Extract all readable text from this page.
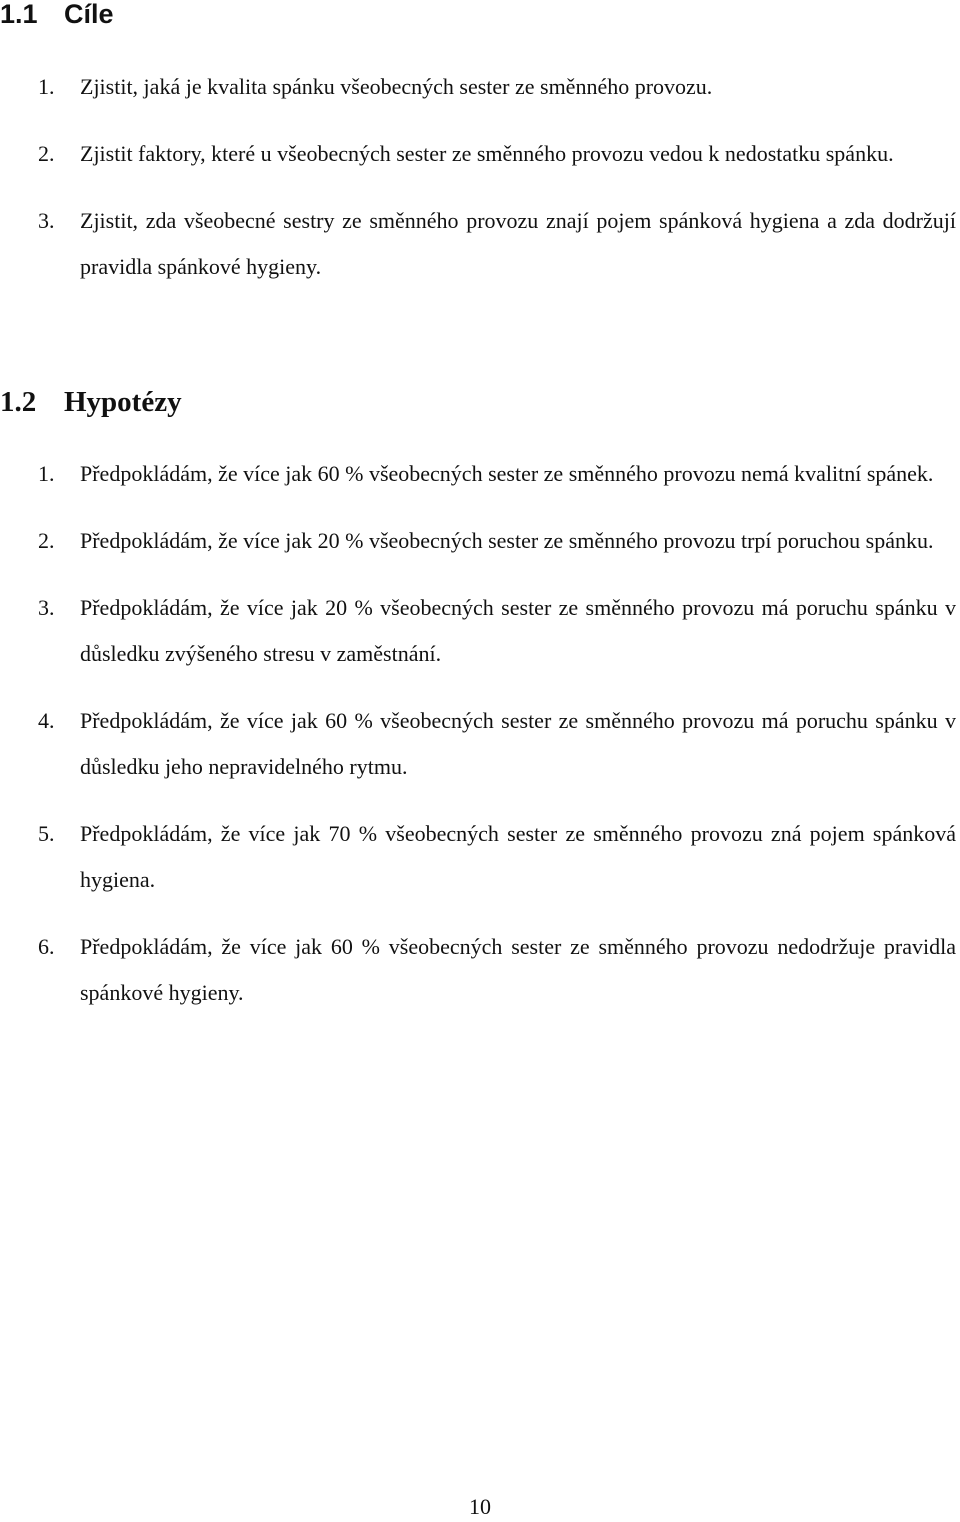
1.1 Cíle
1. Zjistit, jaká je kvalita spánku všeobecných sester ze směnného provozu.
2. Zjistit faktory, které u všeobecných sester ze směnného provozu vedou k nedostatku spánku.
3. Zjistit, zda všeobecné sestry ze směnného provozu znají pojem spánková hygiena a zda dodržují pravidla spánkové hygieny.
1.2 Hypotézy
1. Předpokládám, že více jak 60 % všeobecných sester ze směnného provozu nemá kvalitní spánek.
2. Předpokládám, že více jak 20 % všeobecných sester ze směnného provozu trpí poruchou spánku.
3. Předpokládám, že více jak 20 % všeobecných sester ze směnného provozu má poruchu spánku v důsledku zvýšeného stresu v zaměstnání.
4. Předpokládám, že více jak 60 % všeobecných sester ze směnného provozu má poruchu spánku v důsledku jeho nepravidelného rytmu.
5. Předpokládám, že více jak 70 % všeobecných sester ze směnného provozu zná pojem spánková hygiena.
6. Předpokládám, že více jak 60 % všeobecných sester ze směnného provozu nedodržuje pravidla spánkové hygieny.
10
